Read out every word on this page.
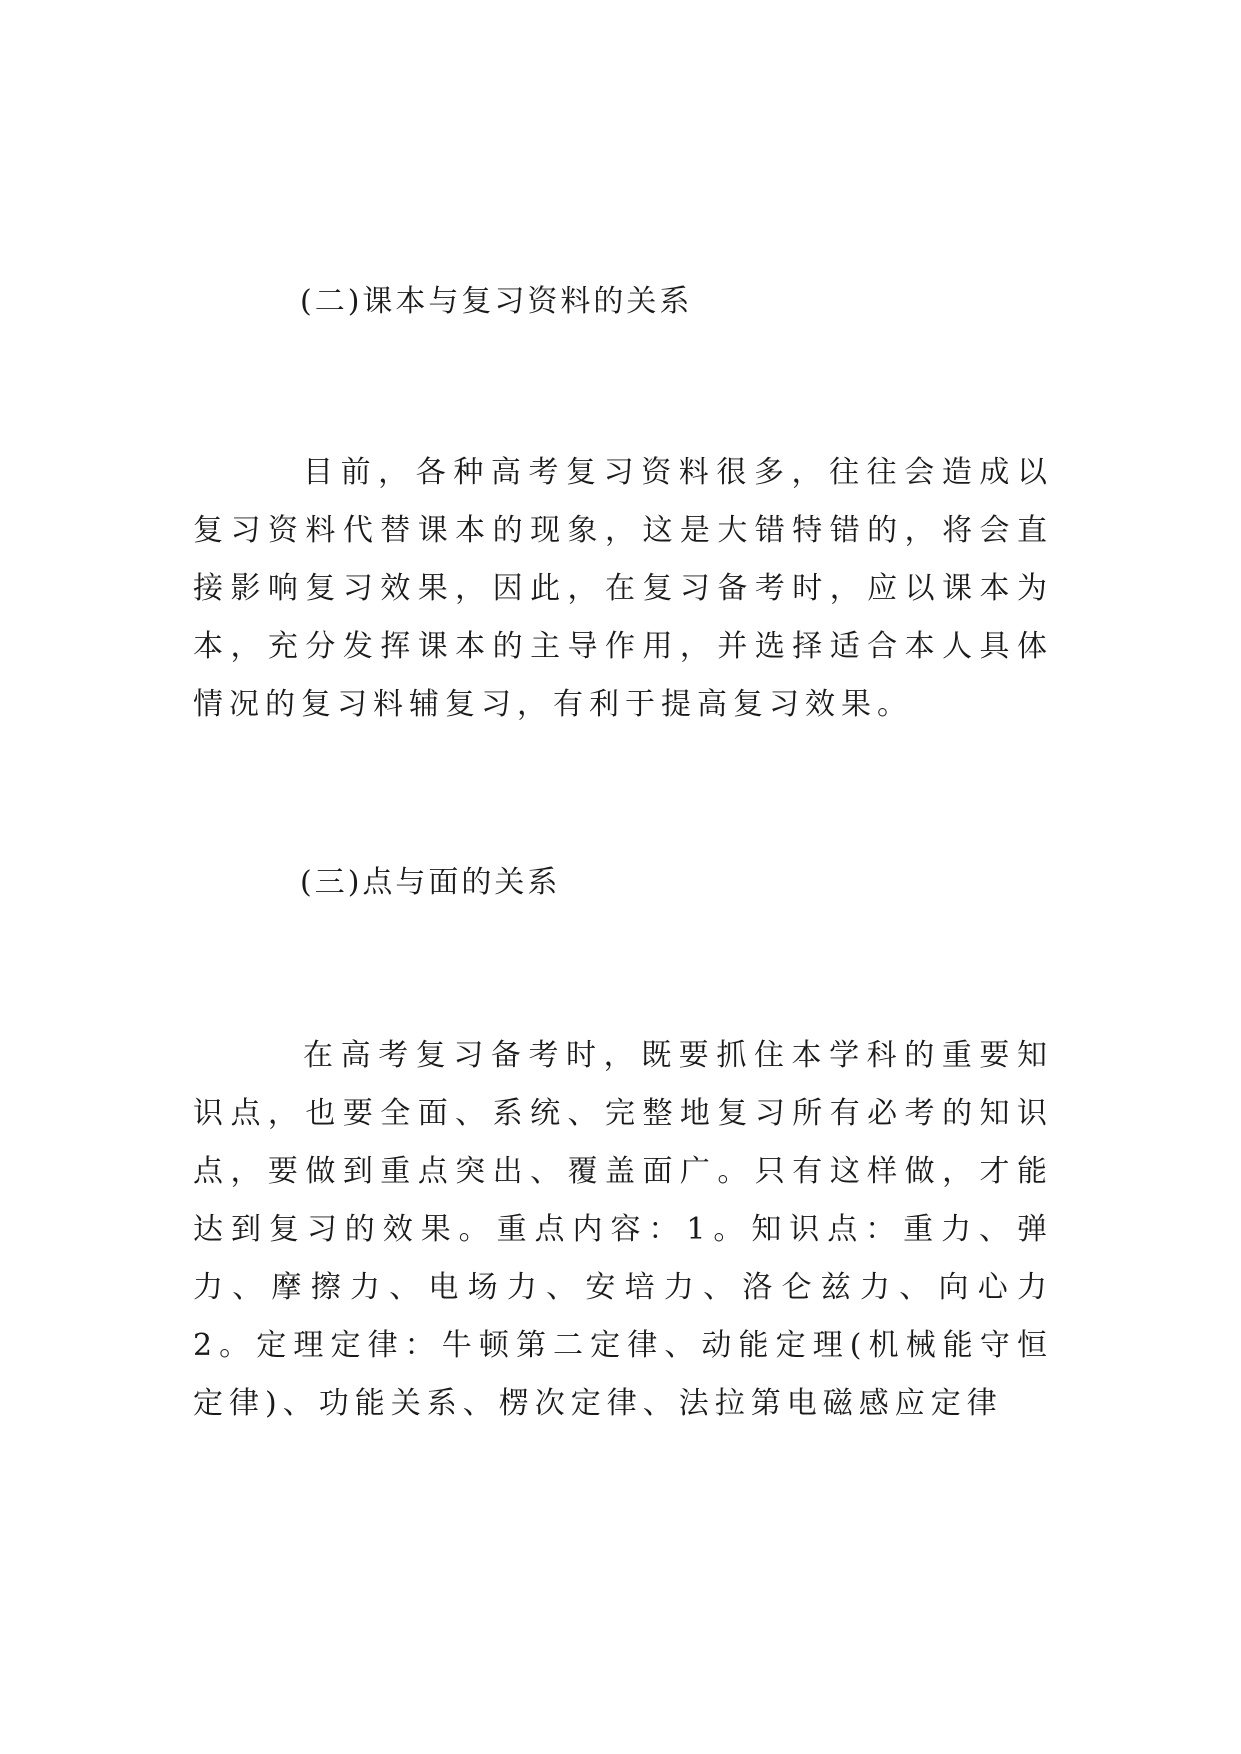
(二)课本与复习资料的关系
目前，各种高考复习资料很多，往往会造成以复习资料代替课本的现象，这是大错特错的，将会直接影响复习效果，因此，在复习备考时，应以课本为本，充分发挥课本的主导作用，并选择适合本人具体情况的复习料辅复习，有利于提高复习效果。
(三)点与面的关系
在高考复习备考时，既要抓住本学科的重要知识点，也要全面、系统、完整地复习所有必考的知识点，要做到重点突出、覆盖面广。只有这样做，才能达到复习的效果。重点内容：1。知识点：重力、弹力、摩擦力、电场力、安培力、洛仑兹力、向心力 2。定理定律：牛顿第二定律、动能定理(机械能守恒定律)、功能关系、楞次定律、法拉第电磁感应定律
